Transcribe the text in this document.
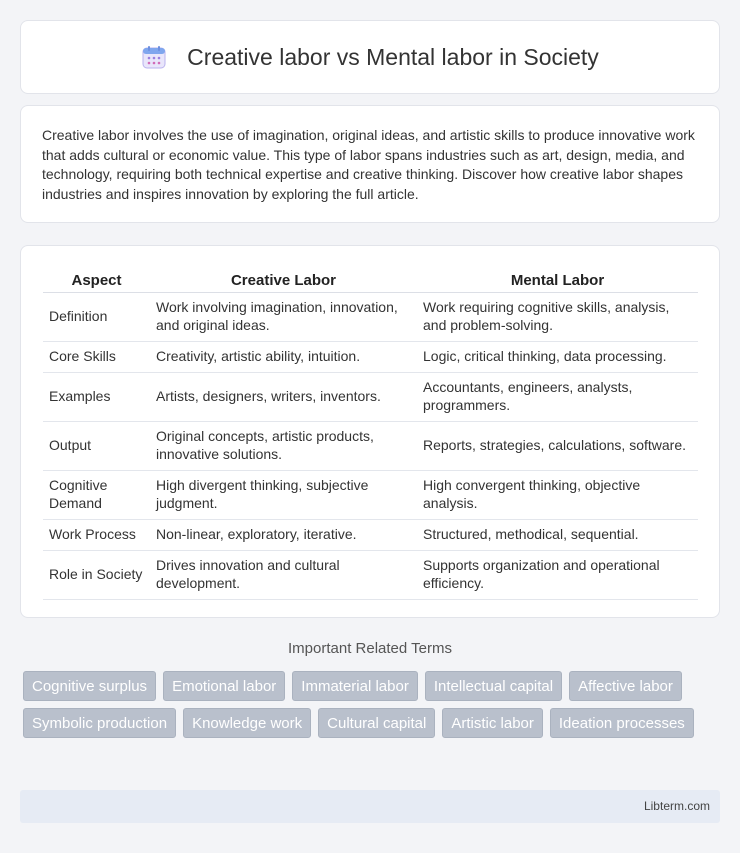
Creative labor vs Mental labor in Society

Creative labor involves the use of imagination, original ideas, and artistic skills to produce innovative work that adds cultural or economic value. This type of labor spans industries such as art, design, media, and technology, requiring both technical expertise and creative thinking. Discover how creative labor shapes industries and inspires innovation by exploring the full article.

Aspect	Creative Labor	Mental Labor
Definition	Work involving imagination, innovation, and original ideas.	Work requiring cognitive skills, analysis, and problem-solving.
Core Skills	Creativity, artistic ability, intuition.	Logic, critical thinking, data processing.
Examples	Artists, designers, writers, inventors.	Accountants, engineers, analysts, programmers.
Output	Original concepts, artistic products, innovative solutions.	Reports, strategies, calculations, software.
Cognitive Demand	High divergent thinking, subjective judgment.	High convergent thinking, objective analysis.
Work Process	Non-linear, exploratory, iterative.	Structured, methodical, sequential.
Role in Society	Drives innovation and cultural development.	Supports organization and operational efficiency.
Important Related Terms
Cognitive surplus	Emotional labor	Immaterial labor	Intellectual capital	Affective labor
Symbolic production	Knowledge work	Cultural capital	Artistic labor	Ideation processes
Libterm.com
